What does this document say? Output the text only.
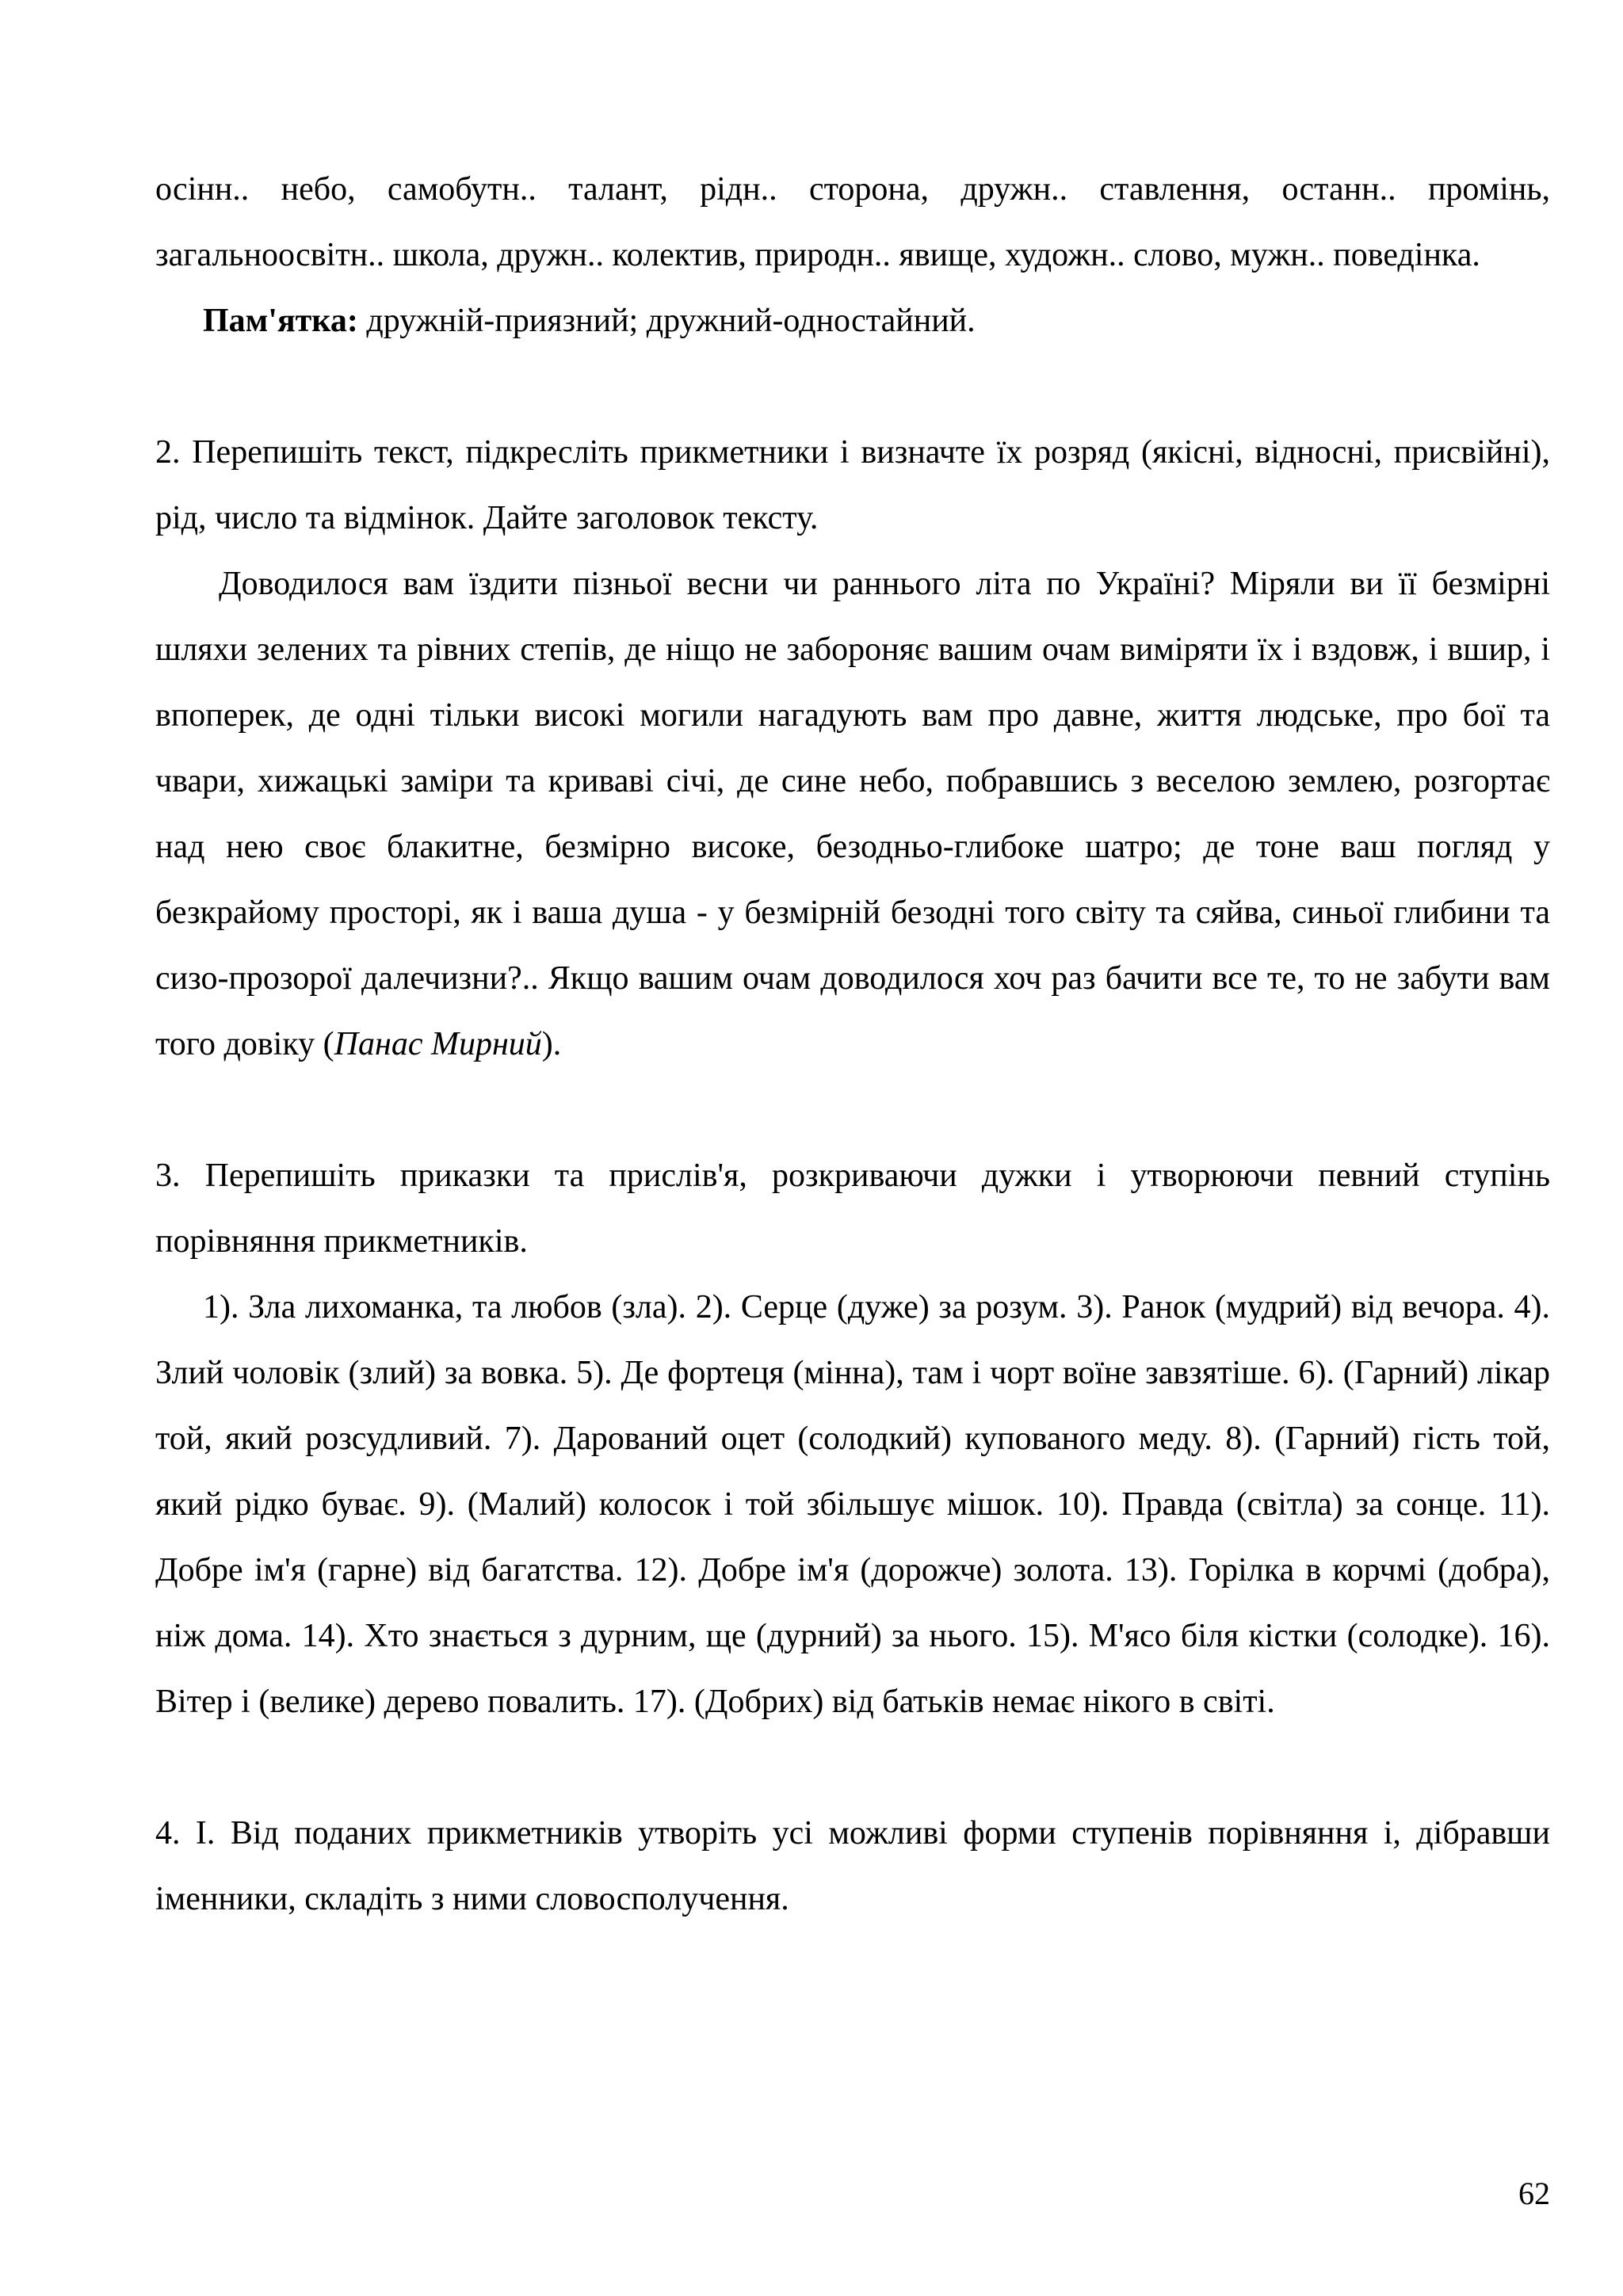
осінн.. небо, самобутн.. талант, рідн.. сторона, дружн.. ставлення, останн.. промінь, загальноосвітн.. школа, дружн.. колектив, природн.. явище, художн.. слово, мужн.. поведінка.

Пам'ятка: дружній-приязний; дружний-одностайний.

2. Перепишіть текст, підкресліть прикметники і визначте їх розряд (якісні, відносні, присвійні), рід, число та відмінок. Дайте заголовок тексту.

Доводилося вам їздити пізньої весни чи раннього літа по Україні? Міряли ви її безмірні шляхи зелених та рівних степів, де ніщо не забороняє вашим очам виміряти їх і вздовж, і вшир, і впоперек, де одні тільки високі могили нагадують вам про давне, життя людське, про бої та чвари, хижацькі заміри та криваві січі, де сине небо, побравшись з веселою землею, розгортає над нею своє блакитне, безмірно високе, безодньо-глибоке шатро; де тоне ваш погляд у безкрайому просторі, як і ваша душа - у безмірній безодні того світу та сяйва, синьої глибини та сизо-прозорої далечизни?.. Якщо вашим очам доводилося хоч раз бачити все те, то не забути вам того довіку (Панас Мирний).

3. Перепишіть приказки та прислів'я, розкриваючи дужки і утворюючи певний ступінь порівняння прикметників.

1). Зла лихоманка, та любов (зла). 2). Серце (дуже) за розум. 3). Ранок (мудрий) від вечора. 4). Злий чоловік (злий) за вовка. 5). Де фортеця (мінна), там і чорт воїне завзятіше. 6). (Гарний) лікар той, який розсудливий. 7). Дарований оцет (солодкий) купованого меду. 8). (Гарний) гість той, який рідко буває. 9). (Малий) колосок і той збільшує мішок. 10). Правда (світла) за сонце. 11). Добре ім'я (гарне) від багатства. 12). Добре ім'я (дорожче) золота. 13). Горілка в корчмі (добра), ніж дома. 14). Хто знається з дурним, ще (дурний) за нього. 15). М'ясо біля кістки (солодке). 16). Вітер і (велике) дерево повалить. 17). (Добрих) від батьків немає нікого в світі.

4. І. Від поданих прикметників утворіть усі можливі форми ступенів порівняння і, дібравши іменники, складіть з ними словосполучення.

62
